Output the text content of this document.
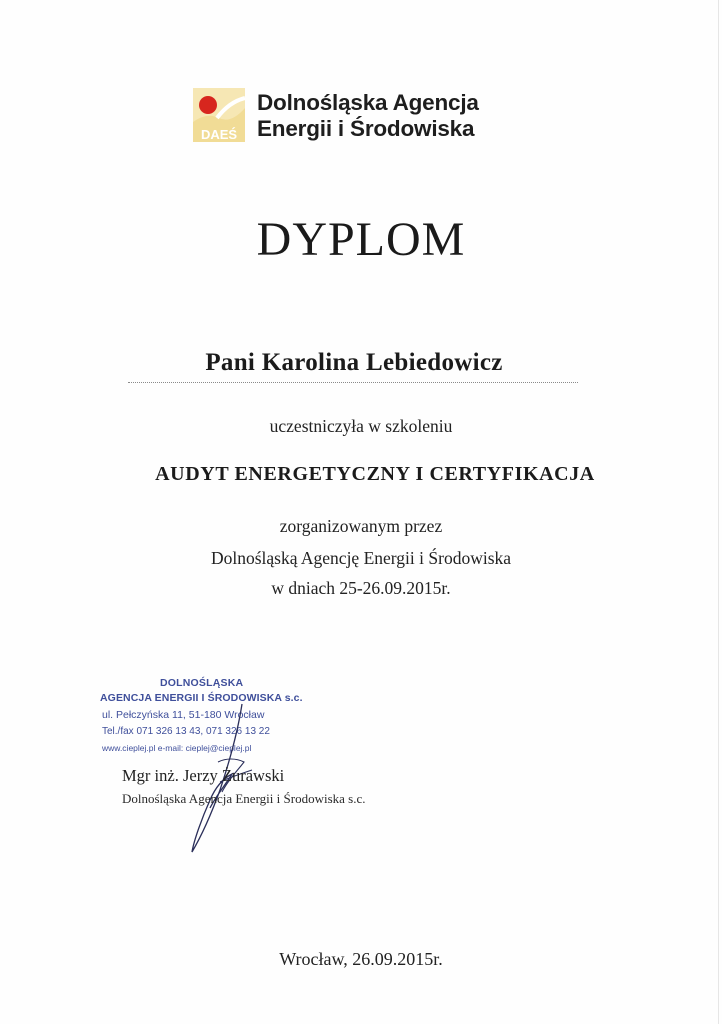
DAEŚ
Dolnośląska Agencja
Energii i Środowiska
DYPLOM
Pani Karolina Lebiedowicz
uczestniczyła w szkoleniu
AUDYT ENERGETYCZNY I CERTYFIKACJA
zorganizowanym przez
Dolnośląską Agencję Energii i Środowiska
w dniach 25-26.09.2015r.
DOLNOŚLĄSKA
AGENCJA ENERGII I ŚRODOWISKA s.c.
ul. Pełczyńska 11, 51-180 Wrocław
Tel./fax 071 326 13 43, 071 326 13 22
www.cieplej.pl e-mail: cieplej@cieplej.pl
Mgr inż. Jerzy Żurawski
Dolnośląska Agencja Energii i Środowiska s.c.
Wrocław, 26.09.2015r.
